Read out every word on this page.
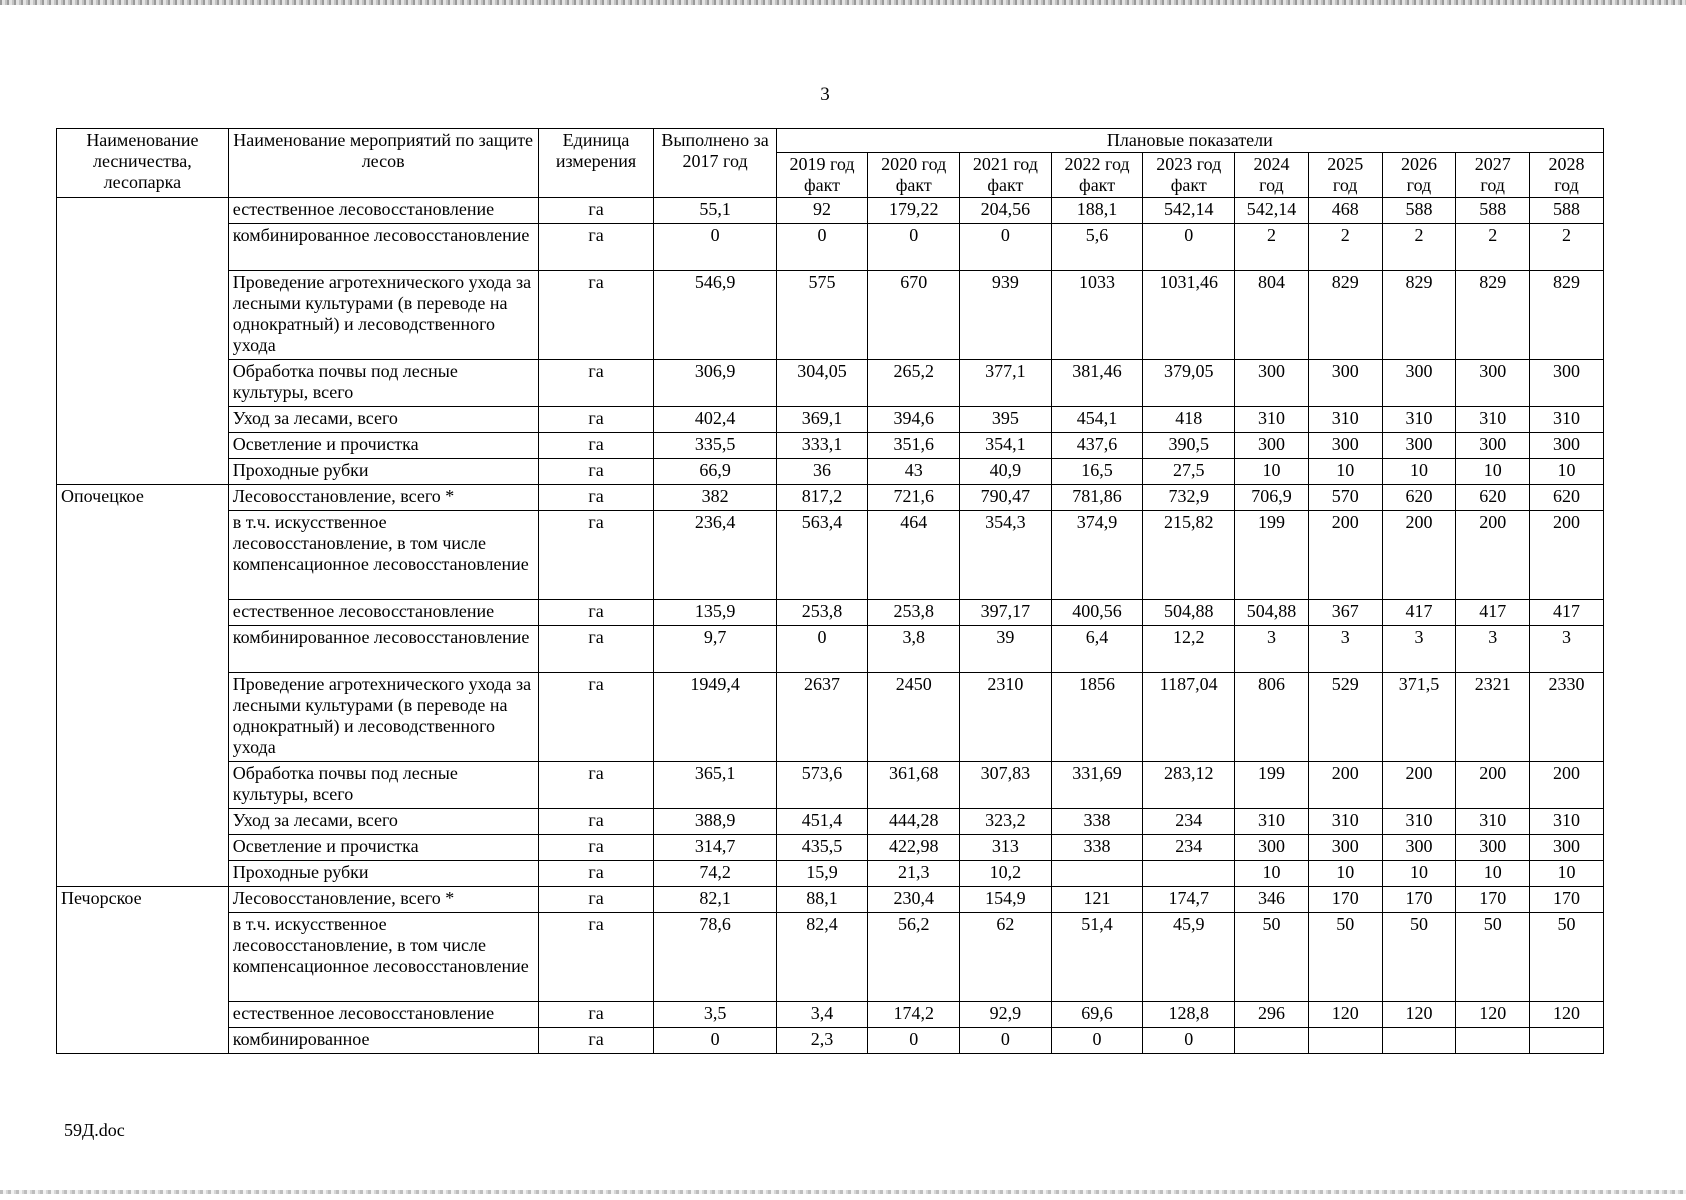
3
Наименование лесничества, лесопарка	Наименование мероприятий по защите лесов	Единица измерения	Выполнено за 2017 год	Плановые показатели									
				2019 год факт	2020 год факт	2021 год факт	2022 год факт	2023 год факт	2024 год	2025 год	2026 год	2027 год	2028 год
	естественное лесовосстановление	га	55,1	92	179,22	204,56	188,1	542,14	542,14	468	588	588	588
	комбинированное лесовосстановление	га	0	0	0	0	5,6	0	2	2	2	2	2
	Проведение агротехнического ухода за лесными культурами (в переводе на однократный) и лесоводственного ухода	га	546,9	575	670	939	1033	1031,46	804	829	829	829	829
	Обработка почвы под лесные культуры, всего	га	306,9	304,05	265,2	377,1	381,46	379,05	300	300	300	300	300
	Уход за лесами, всего	га	402,4	369,1	394,6	395	454,1	418	310	310	310	310	310
	Осветление и прочистка	га	335,5	333,1	351,6	354,1	437,6	390,5	300	300	300	300	300
	Проходные рубки	га	66,9	36	43	40,9	16,5	27,5	10	10	10	10	10
Опочецкое	Лесовосстановление, всего *	га	382	817,2	721,6	790,47	781,86	732,9	706,9	570	620	620	620
	в т.ч. искусственное лесовосстановление, в том числе компенсационное лесовосстановление	га	236,4	563,4	464	354,3	374,9	215,82	199	200	200	200	200
	естественное лесовосстановление	га	135,9	253,8	253,8	397,17	400,56	504,88	504,88	367	417	417	417
	комбинированное лесовосстановление	га	9,7	0	3,8	39	6,4	12,2	3	3	3	3	3
	Проведение агротехнического ухода за лесными культурами (в переводе на однократный) и лесоводственного ухода	га	1949,4	2637	2450	2310	1856	1187,04	806	529	371,5	2321	2330
	Обработка почвы под лесные культуры, всего	га	365,1	573,6	361,68	307,83	331,69	283,12	199	200	200	200	200
	Уход за лесами, всего	га	388,9	451,4	444,28	323,2	338	234	310	310	310	310	310
	Осветление и прочистка	га	314,7	435,5	422,98	313	338	234	300	300	300	300	300
	Проходные рубки	га	74,2	15,9	21,3	10,2			10	10	10	10	10
Печорское	Лесовосстановление, всего *	га	82,1	88,1	230,4	154,9	121	174,7	346	170	170	170	170
	в т.ч. искусственное лесовосстановление, в том числе компенсационное лесовосстановление	га	78,6	82,4	56,2	62	51,4	45,9	50	50	50	50	50
	естественное лесовосстановление	га	3,5	3,4	174,2	92,9	69,6	128,8	296	120	120	120	120
	комбинированное	га	0	2,3	0	0	0	0					
59Д.doc
